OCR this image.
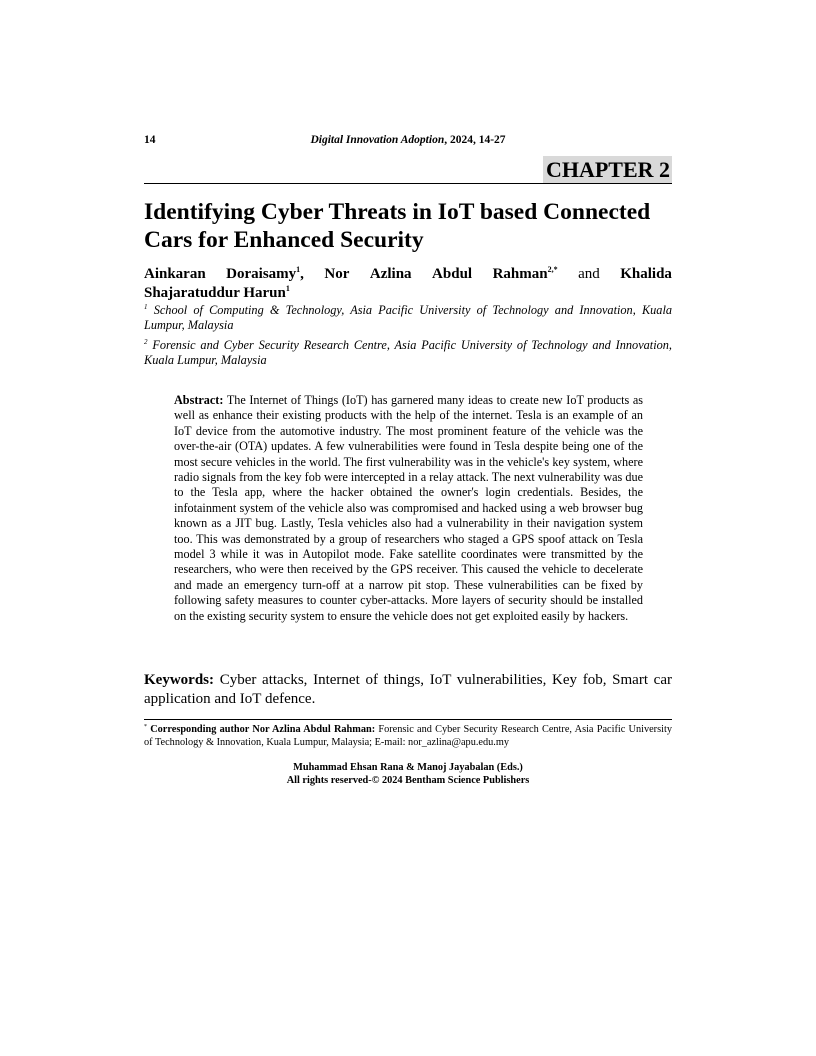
14	Digital Innovation Adoption, 2024, 14-27
CHAPTER 2
Identifying Cyber Threats in IoT based Connected Cars for Enhanced Security
Ainkaran Doraisamy$^1$, Nor Azlina Abdul Rahman$^{2,*}$ and Khalida
Shajaratuddur Harun$^1$
$^1$ School of Computing & Technology, Asia Pacific University of Technology and Innovation, Kuala Lumpur, Malaysia
$^2$ Forensic and Cyber Security Research Centre, Asia Pacific University of Technology and Innovation, Kuala Lumpur, Malaysia
Abstract: The Internet of Things (IoT) has garnered many ideas to create new IoT products as well as enhance their existing products with the help of the internet. Tesla is an example of an IoT device from the automotive industry. The most prominent feature of the vehicle was the over-the-air (OTA) updates. A few vulnerabilities were found in Tesla despite being one of the most secure vehicles in the world. The first vulnerability was in the vehicle's key system, where radio signals from the key fob were intercepted in a relay attack. The next vulnerability was due to the Tesla app, where the hacker obtained the owner's login credentials. Besides, the infotainment system of the vehicle also was compromised and hacked using a web browser bug known as a JIT bug. Lastly, Tesla vehicles also had a vulnerability in their navigation system too. This was demonstrated by a group of researchers who staged a GPS spoof attack on Tesla model 3 while it was in Autopilot mode. Fake satellite coordinates were transmitted by the researchers, who were then received by the GPS receiver. This caused the vehicle to decelerate and made an emergency turn-off at a narrow pit stop. These vulnerabilities can be fixed by following safety measures to counter cyber-attacks. More layers of security should be installed on the existing security system to ensure the vehicle does not get exploited easily by hackers.
Keywords: Cyber attacks, Internet of things, IoT vulnerabilities, Key fob, Smart car application and IoT defence.
* Corresponding author Nor Azlina Abdul Rahman: Forensic and Cyber Security Research Centre, Asia Pacific University of Technology & Innovation, Kuala Lumpur, Malaysia; E-mail: nor_azlina@apu.edu.my
Muhammad Ehsan Rana & Manoj Jayabalan (Eds.)
All rights reserved-© 2024 Bentham Science Publishers
